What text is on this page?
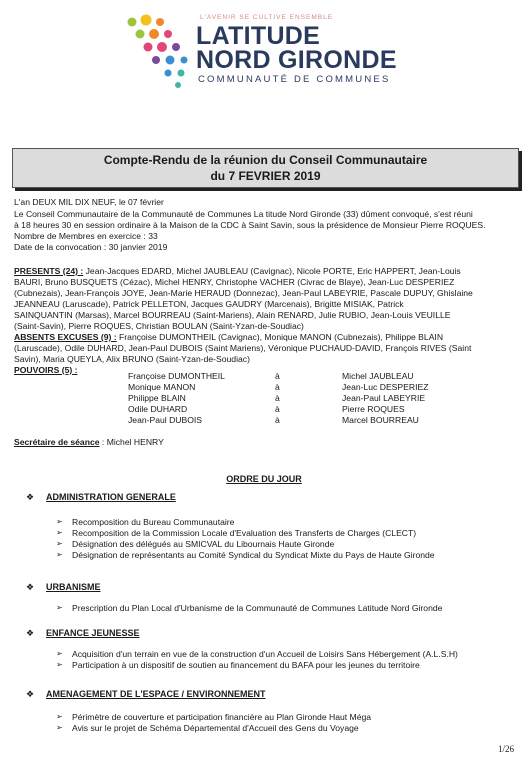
L'AVENIR SE CULTIVE ENSEMBLE
LATITUDE
NORD GIRONDE
COMMUNAUTÉ DE COMMUNES
Compte-Rendu de la réunion du Conseil Communautaire
du 7 FEVRIER 2019
L'an DEUX MIL DIX NEUF, le 07 février
Le Conseil Communautaire de la Communauté de Communes La titude Nord Gironde (33) dûment convoqué, s'est réuni
à 18 heures 30 en session ordinaire à la Maison de la CDC à Saint Savin, sous la présidence de Monsieur Pierre ROQUES.
Nombre de Membres en exercice : 33
Date de la convocation : 30 janvier 2019
PRESENTS (24) : Jean-Jacques EDARD, Michel JAUBLEAU (Cavignac), Nicole PORTE, Eric HAPPERT, Jean-Louis
BAURI, Bruno BUSQUETS (Cézac), Michel HENRY, Christophe VACHER (Civrac de Blaye), Jean-Luc DESPERIEZ
(Cubnezais), Jean-François JOYE, Jean-Marie HERAUD (Donnezac), Jean-Paul LABEYRIE, Pascale DUPUY, Ghislaine
JEANNEAU (Laruscade), Patrick PELLETON, Jacques GAUDRY (Marcenais), Brigitte MISIAK, Patrick
SAINQUANTIN (Marsas), Marcel BOURREAU (Saint-Mariens), Alain RENARD, Julie RUBIO, Jean-Louis VEUILLE
(Saint-Savin), Pierre ROQUES, Christian BOULAN (Saint-Yzan-de-Soudiac)
ABSENTS EXCUSES (9) : Françoise DUMONTHEIL (Cavignac), Monique MANON (Cubnezais), Philippe BLAIN
(Laruscade), Odile DUHARD, Jean-Paul DUBOIS (Saint Mariens), Véronique PUCHAUD-DAVID, François RIVES (Saint
Savin), Maria QUEYLA, Alix BRUNO (Saint-Yzan-de-Soudiac)
POUVOIRS (5) :
Françoise DUMONTHEIL	à	Michel JAUBLEAU
Monique MANON	à	Jean-Luc DESPERIEZ
Philippe BLAIN	à	Jean-Paul LABEYRIE
Odile DUHARD	à	Pierre ROQUES
Jean-Paul DUBOIS	à	Marcel BOURREAU
Secrétaire de séance : Michel HENRY
ORDRE DU JOUR
❖ ADMINISTRATION GENERALE
➢ Recomposition du Bureau Communautaire
➢ Recomposition de la Commission Locale d'Evaluation des Transferts de Charges (CLECT)
➢ Désignation des délégués au SMICVAL du Libournais Haute Gironde
➢ Désignation de représentants au Comité Syndical du Syndicat Mixte du Pays de Haute Gironde
❖ URBANISME
➢ Prescription du Plan Local d'Urbanisme de la Communauté de Communes Latitude Nord Gironde
❖ ENFANCE JEUNESSE
➢ Acquisition d'un terrain en vue de la construction d'un Accueil de Loisirs Sans Hébergement (A.L.S.H)
➢ Participation à un dispositif de soutien au financement du BAFA pour les jeunes du territoire
❖ AMENAGEMENT DE L'ESPACE / ENVIRONNEMENT
➢ Périmètre de couverture et participation financière au Plan Gironde Haut Méga
➢ Avis sur le projet de Schéma Départemental d'Accueil des Gens du Voyage
1/26
